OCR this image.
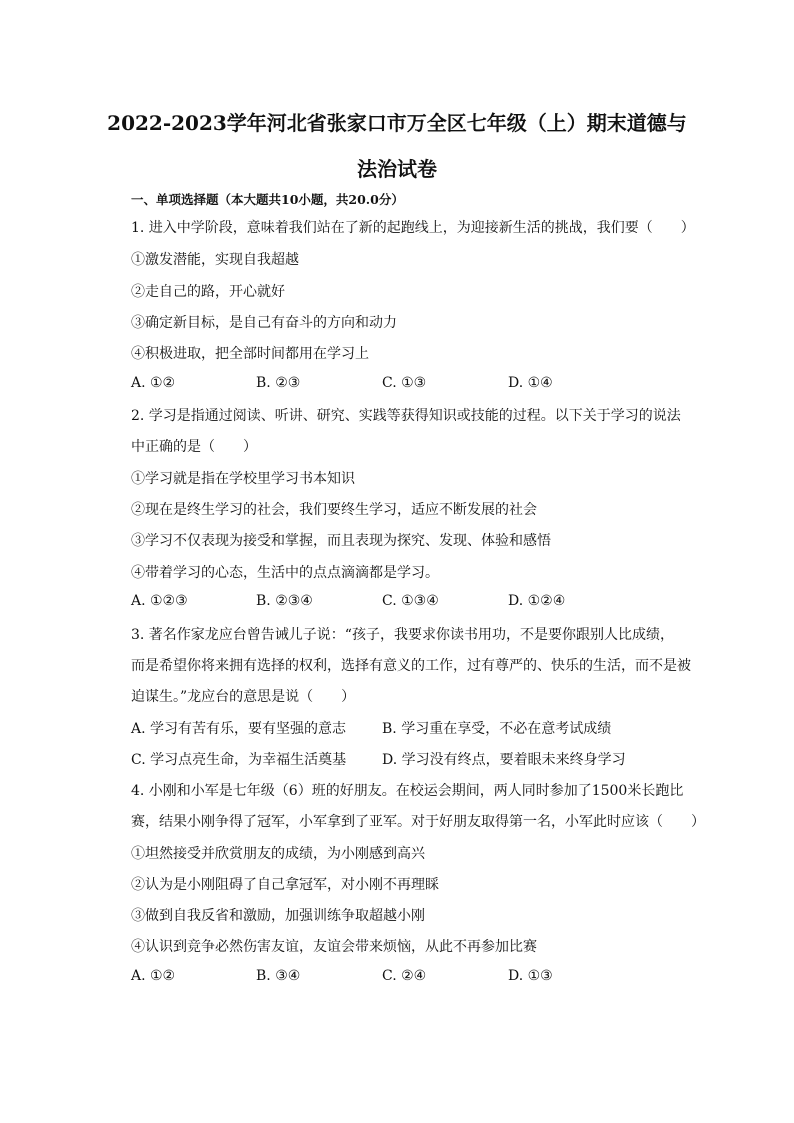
2022-2023学年河北省张家口市万全区七年级（上）期末道德与
法治试卷
一、单项选择题（本大题共10小题，共20.0分）
1. 进入中学阶段，意味着我们站在了新的起跑线上，为迎接新生活的挑战，我们要（　　）
①激发潜能，实现自我超越
②走自己的路，开心就好
③确定新目标，是自己有奋斗的方向和动力
④积极进取，把全部时间都用在学习上
A. ①②	B. ②③	C. ①③	D. ①④
2. 学习是指通过阅读、听讲、研究、实践等获得知识或技能的过程。以下关于学习的说法
中正确的是（　　）
①学习就是指在学校里学习书本知识
②现在是终生学习的社会，我们要终生学习，适应不断发展的社会
③学习不仅表现为接受和掌握，而且表现为探究、发现、体验和感悟
④带着学习的心态，生活中的点点滴滴都是学习。
A. ①②③	B. ②③④	C. ①③④	D. ①②④
3. 著名作家龙应台曾告诫儿子说：“孩子，我要求你读书用功，不是要你跟别人比成绩，
而是希望你将来拥有选择的权利，选择有意义的工作，过有尊严的、快乐的生活，而不是被
迫谋生。”龙应台的意思是说（　　）
A. 学习有苦有乐，要有坚强的意志	B. 学习重在享受，不必在意考试成绩
C. 学习点亮生命，为幸福生活奠基	D. 学习没有终点，要着眼未来终身学习
4. 小刚和小军是七年级（6）班的好朋友。在校运会期间，两人同时参加了1500米长跑比
赛，结果小刚争得了冠军，小军拿到了亚军。对于好朋友取得第一名，小军此时应该（　　）
①坦然接受并欣赏朋友的成绩，为小刚感到高兴
②认为是小刚阻碍了自己拿冠军，对小刚不再理睬
③做到自我反省和激励，加强训练争取超越小刚
④认识到竞争必然伤害友谊，友谊会带来烦恼，从此不再参加比赛
A. ①②	B. ③④	C. ②④	D. ①③
